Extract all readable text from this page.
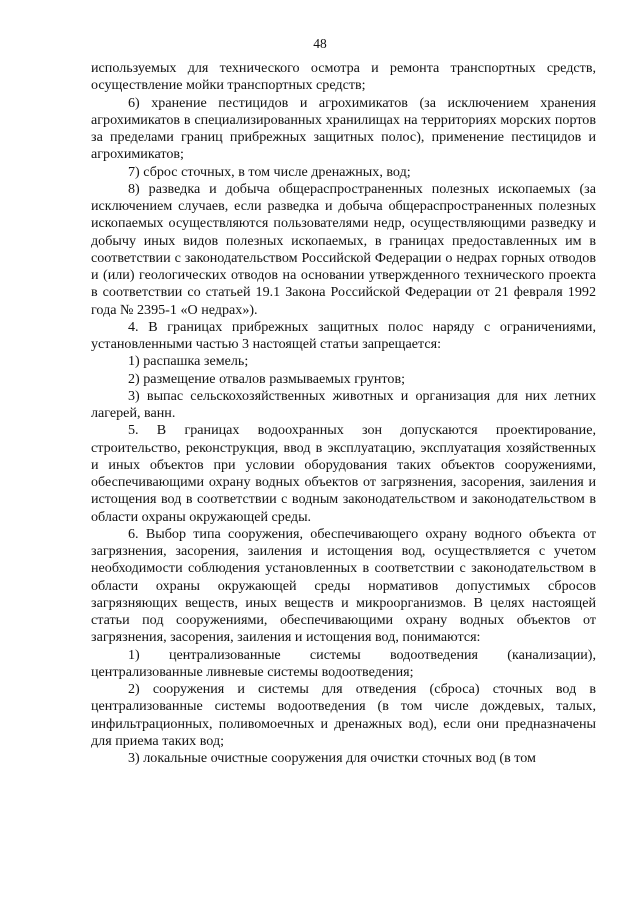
48

используемых для технического осмотра и ремонта транспортных средств, осуществление мойки транспортных средств;

6) хранение пестицидов и агрохимикатов (за исключением хранения агрохимикатов в специализированных хранилищах на территориях морских портов за пределами границ прибрежных защитных полос), применение пестицидов и агрохимикатов;

7) сброс сточных, в том числе дренажных, вод;

8) разведка и добыча общераспространенных полезных ископаемых (за исключением случаев, если разведка и добыча общераспространенных полезных ископаемых осуществляются пользователями недр, осуществляющими разведку и добычу иных видов полезных ископаемых, в границах предоставленных им в соответствии с законодательством Российской Федерации о недрах горных отводов и (или) геологических отводов на основании утвержденного технического проекта в соответствии со статьей 19.1 Закона Российской Федерации от 21 февраля 1992 года № 2395-1 «О недрах»).

4. В границах прибрежных защитных полос наряду с ограничениями, установленными частью 3 настоящей статьи запрещается:

1) распашка земель;

2) размещение отвалов размываемых грунтов;

3) выпас сельскохозяйственных животных и организация для них летних лагерей, ванн.

5. В границах водоохранных зон допускаются проектирование, строительство, реконструкция, ввод в эксплуатацию, эксплуатация хозяйственных и иных объектов при условии оборудования таких объектов сооружениями, обеспечивающими охрану водных объектов от загрязнения, засорения, заиления и истощения вод в соответствии с водным законодательством и законодательством в области охраны окружающей среды.

6. Выбор типа сооружения, обеспечивающего охрану водного объекта от загрязнения, засорения, заиления и истощения вод, осуществляется с учетом необходимости соблюдения установленных в соответствии с законодательством в области охраны окружающей среды нормативов допустимых сбросов загрязняющих веществ, иных веществ и микроорганизмов. В целях настоящей статьи под сооружениями, обеспечивающими охрану водных объектов от загрязнения, засорения, заиления и истощения вод, понимаются:

1) централизованные системы водоотведения (канализации), централизованные ливневые системы водоотведения;

2) сооружения и системы для отведения (сброса) сточных вод в централизованные системы водоотведения (в том числе дождевых, талых, инфильтрационных, поливомоечных и дренажных вод), если они предназначены для приема таких вод;

3) локальные очистные сооружения для очистки сточных вод (в том
